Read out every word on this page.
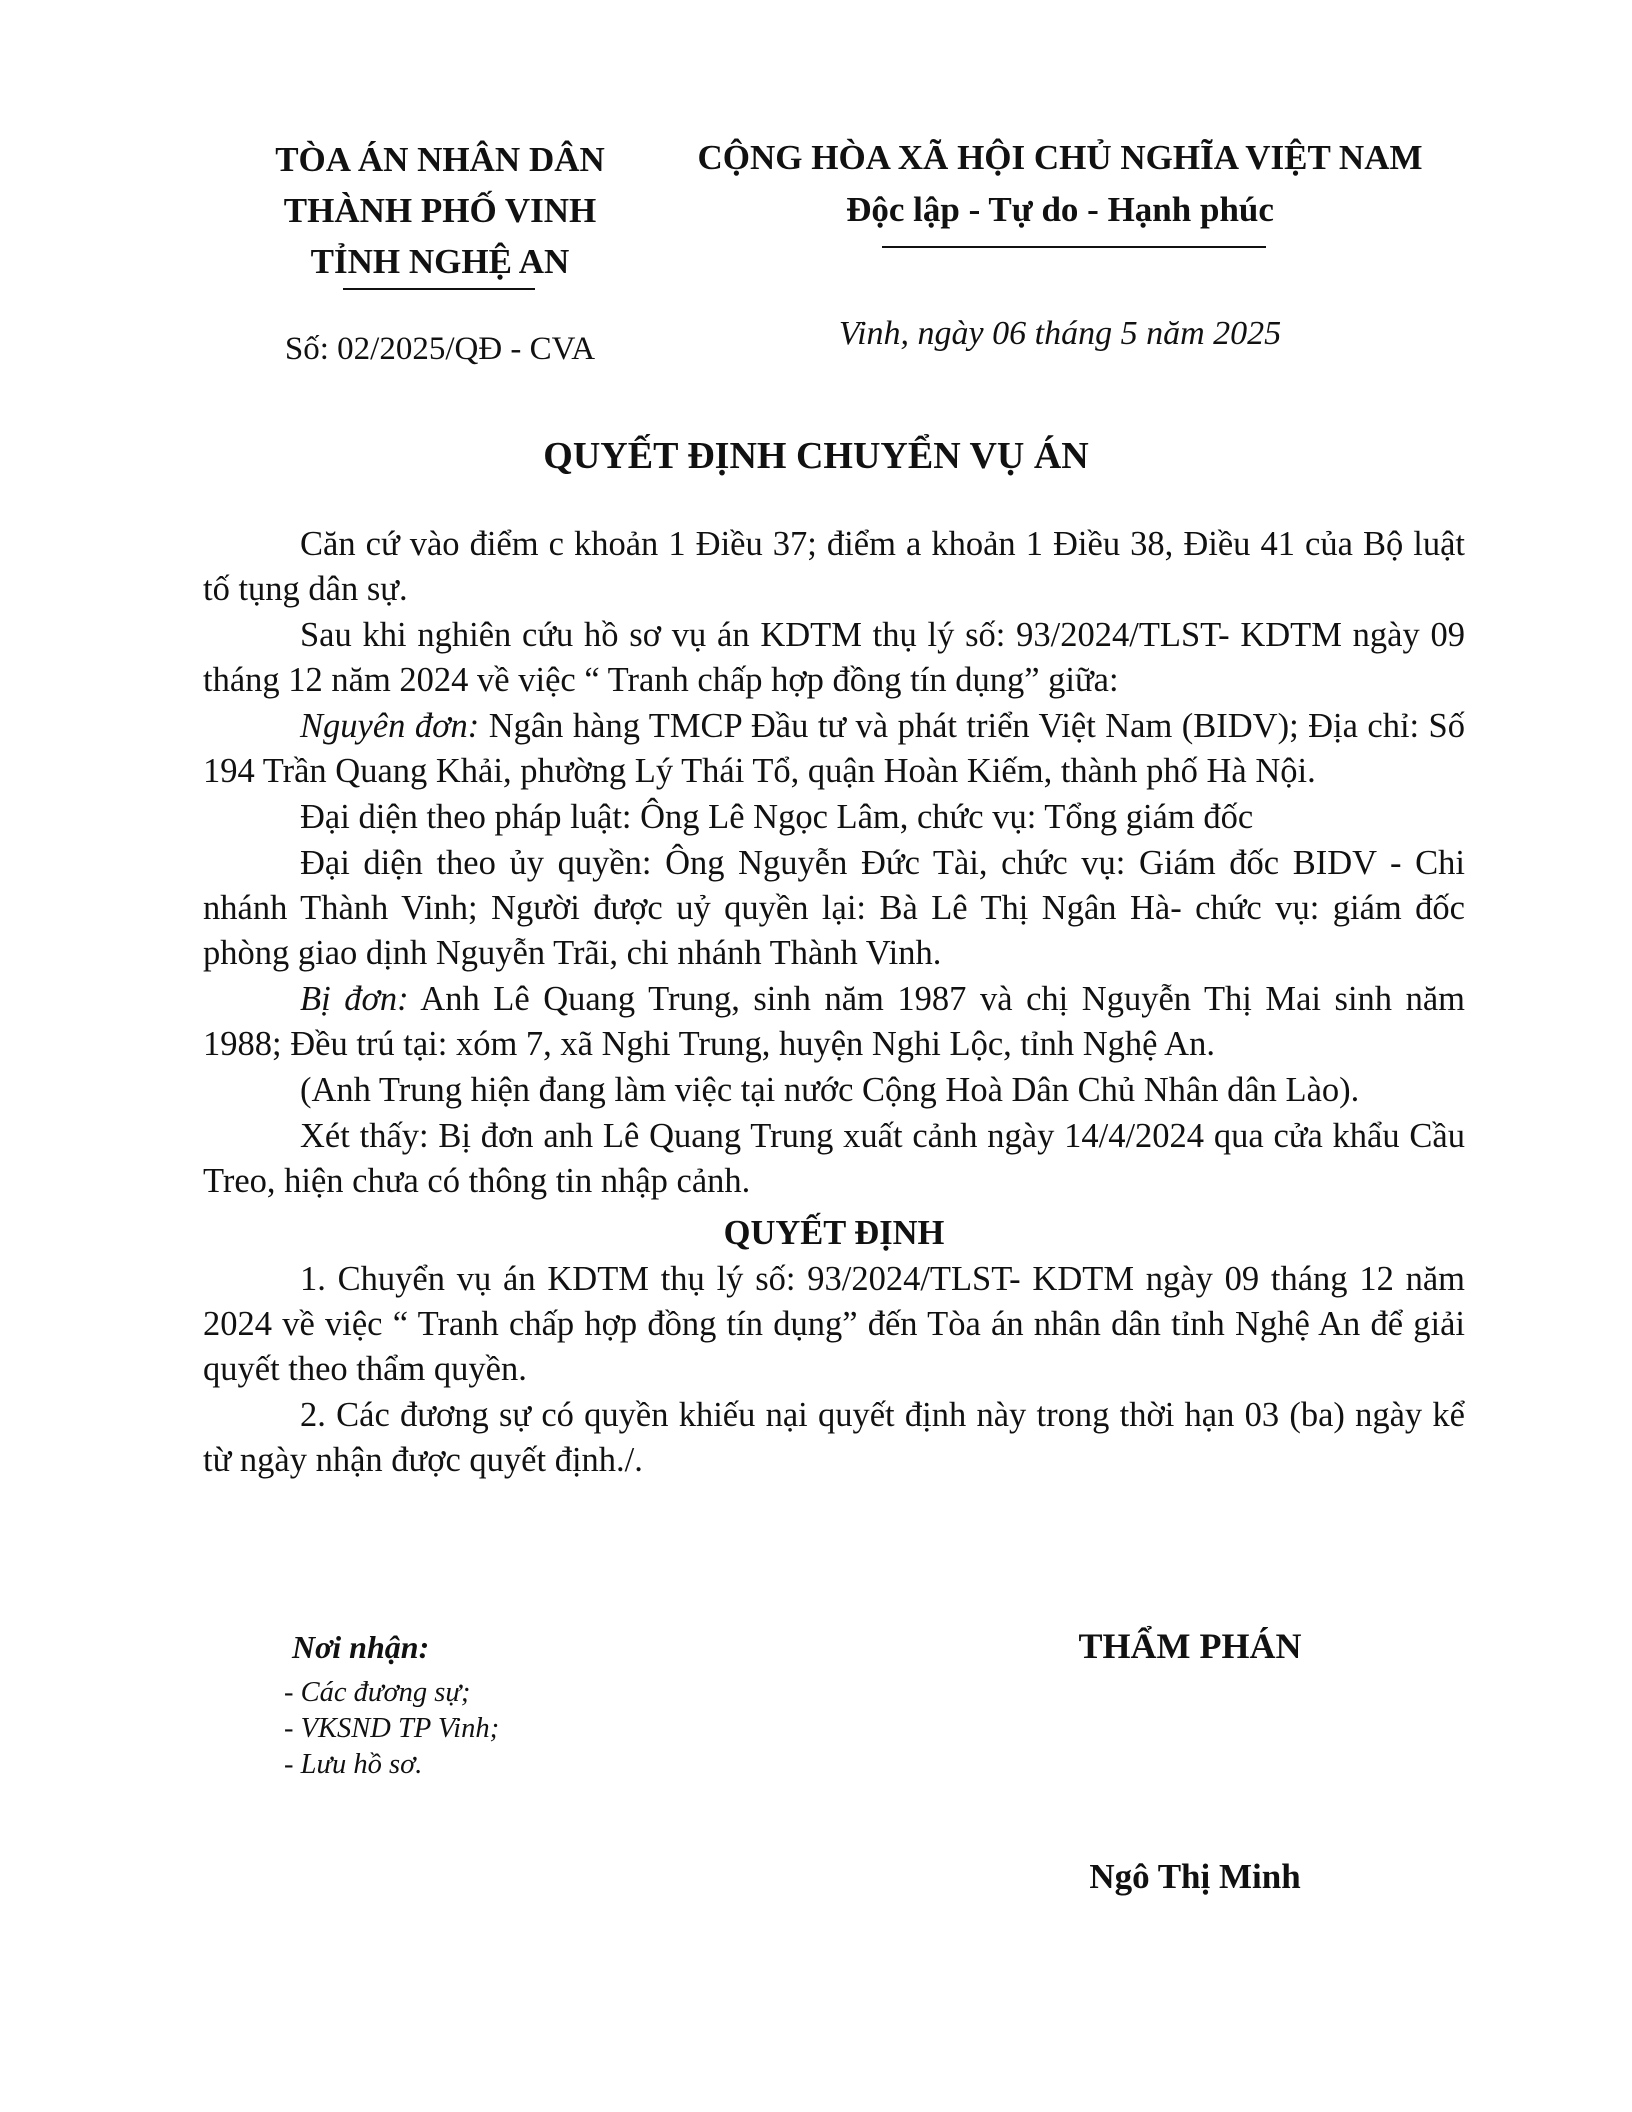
TÒA ÁN NHÂN DÂN
THÀNH PHỐ VINH
TỈNH NGHỆ AN
CỘNG HÒA XÃ HỘI CHỦ NGHĨA VIỆT NAM
Độc lập - Tự do - Hạnh phúc
Số: 02/2025/QĐ - CVA	Vinh, ngày 06 tháng 5 năm 2025
QUYẾT ĐỊNH CHUYỂN VỤ ÁN

Căn cứ vào điểm c khoản 1 Điều 37; điểm a khoản 1 Điều 38, Điều 41 của Bộ luật tố tụng dân sự.

Sau khi nghiên cứu hồ sơ vụ án KDTM thụ lý số: 93/2024/TLST- KDTM ngày 09 tháng 12 năm 2024 về việc “ Tranh chấp hợp đồng tín dụng” giữa:

Nguyên đơn: Ngân hàng TMCP Đầu tư và phát triển Việt Nam (BIDV); Địa chỉ: Số 194 Trần Quang Khải, phường Lý Thái Tổ, quận Hoàn Kiếm, thành phố Hà Nội.

Đại diện theo pháp luật: Ông Lê Ngọc Lâm, chức vụ: Tổng giám đốc

Đại diện theo ủy quyền: Ông Nguyễn Đức Tài, chức vụ: Giám đốc BIDV - Chi nhánh Thành Vinh; Người được uỷ quyền lại: Bà Lê Thị Ngân Hà- chức vụ: giám đốc phòng giao dịnh Nguyễn Trãi, chi nhánh Thành Vinh.

Bị đơn: Anh Lê Quang Trung, sinh năm 1987 và chị Nguyễn Thị Mai sinh năm 1988; Đều trú tại: xóm 7, xã Nghi Trung, huyện Nghi Lộc, tỉnh Nghệ An.

(Anh Trung hiện đang làm việc tại nước Cộng Hoà Dân Chủ Nhân dân Lào).

Xét thấy: Bị đơn anh Lê Quang Trung xuất cảnh ngày 14/4/2024 qua cửa khẩu Cầu Treo, hiện chưa có thông tin nhập cảnh.

QUYẾT ĐỊNH

1. Chuyển vụ án KDTM thụ lý số: 93/2024/TLST- KDTM ngày 09 tháng 12 năm 2024 về việc “ Tranh chấp hợp đồng tín dụng” đến Tòa án nhân dân tỉnh Nghệ An để giải quyết theo thẩm quyền.

2. Các đương sự có quyền khiếu nại quyết định này trong thời hạn 03 (ba) ngày kể từ ngày nhận được quyết định./.

Nơi nhận:
- Các đương sự;
- VKSND TP Vinh;
- Lưu hồ sơ.
THẨM PHÁN
Ngô Thị Minh
